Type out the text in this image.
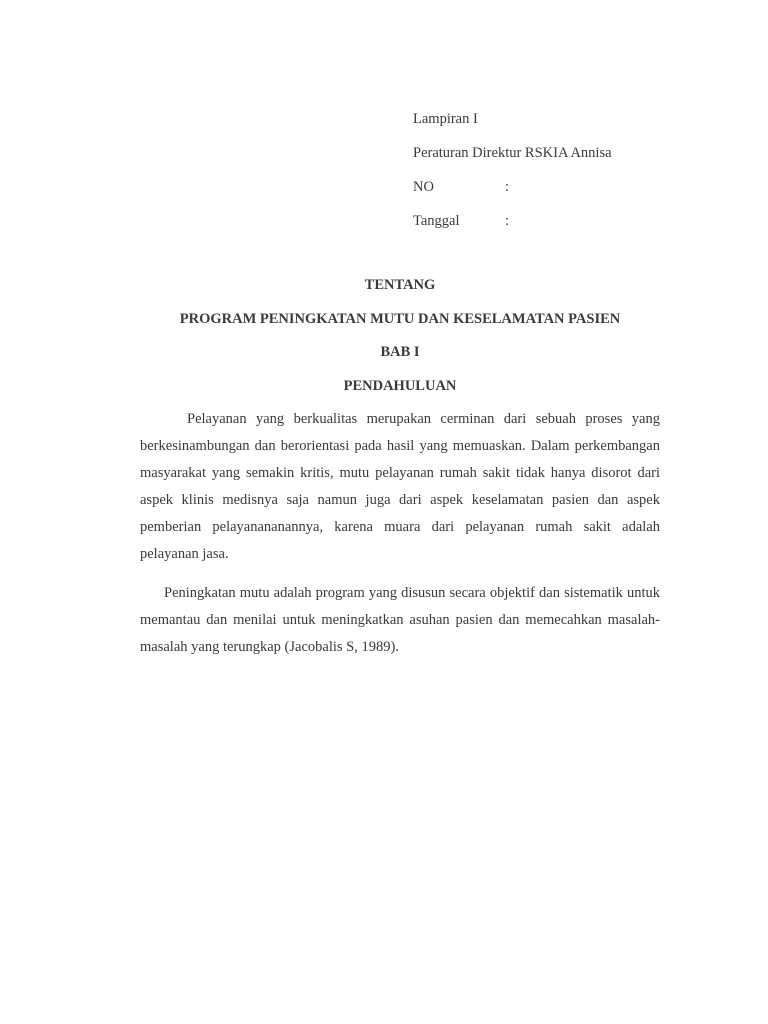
Lampiran I
Peraturan Direktur RSKIA Annisa
NO	:
Tanggal	:
TENTANG
PROGRAM PENINGKATAN MUTU DAN KESELAMATAN PASIEN
BAB I
PENDAHULUAN

Pelayanan yang berkualitas merupakan cerminan dari sebuah proses yang berkesinambungan dan berorientasi pada hasil yang memuaskan. Dalam perkembangan masyarakat yang semakin kritis, mutu pelayanan rumah sakit tidak hanya disorot dari aspek klinis medisnya saja namun juga dari aspek keselamatan pasien dan aspek pemberian pelayanananannya, karena muara dari pelayanan rumah sakit adalah pelayanan jasa.

Peningkatan mutu adalah program yang disusun secara objektif dan sistematik untuk memantau dan menilai untuk meningkatkan asuhan pasien dan memecahkan masalah-masalah yang terungkap (Jacobalis S, 1989).
